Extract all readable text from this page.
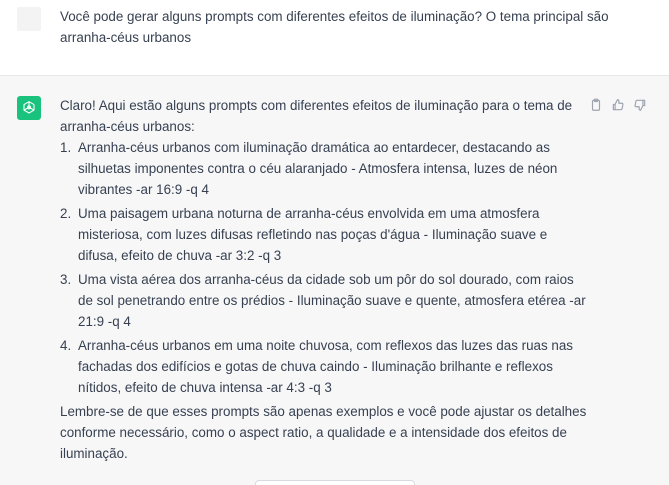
Você pode gerar alguns prompts com diferentes efeitos de iluminação? O tema principal são arranha-céus urbanos

Claro! Aqui estão alguns prompts com diferentes efeitos de iluminação para o tema de arranha-céus urbanos:

1. Arranha-céus urbanos com iluminação dramática ao entardecer, destacando as silhuetas imponentes contra o céu alaranjado - Atmosfera intensa, luzes de néon vibrantes -ar 16:9 -q 4
2. Uma paisagem urbana noturna de arranha-céus envolvida em uma atmosfera misteriosa, com luzes difusas refletindo nas poças d'água - Iluminação suave e difusa, efeito de chuva -ar 3:2 -q 3
3. Uma vista aérea dos arranha-céus da cidade sob um pôr do sol dourado, com raios de sol penetrando entre os prédios - Iluminação suave e quente, atmosfera etérea -ar 21:9 -q 4
4. Arranha-céus urbanos em uma noite chuvosa, com reflexos das luzes das ruas nas fachadas dos edifícios e gotas de chuva caindo - Iluminação brilhante e reflexos nítidos, efeito de chuva intensa -ar 4:3 -q 3

Lembre-se de que esses prompts são apenas exemplos e você pode ajustar os detalhes conforme necessário, como o aspect ratio, a qualidade e a intensidade dos efeitos de iluminação.
